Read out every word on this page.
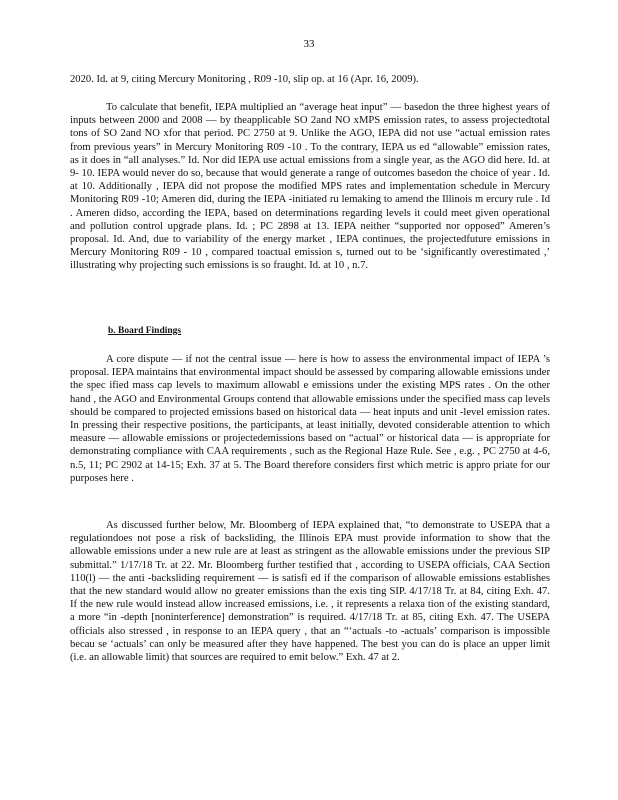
33

2020. Id. at 9, citing Mercury Monitoring , R09 -10, slip op. at 16 (Apr. 16, 2009).

To calculate that benefit, IEPA multiplied an “average heat input” — basedon the three highest years of inputs between 2000 and 2008 — by theapplicable SO 2and NO xMPS emission rates, to assess projectedtotal tons of SO 2and NO xfor that period. PC 2750 at 9. Unlike the AGO, IEPA did not use “actual emission rates from previous years” in Mercury Monitoring R09 -10 . To the contrary, IEPA us ed “allowable” emission rates, as it does in “all analyses.” Id. Nor did IEPA use actual emissions from a single year, as the AGO did here. Id. at 9- 10. IEPA would never do so, because that would generate a range of outcomes basedon the choice of year . Id. at 10. Additionally , IEPA did not propose the modified MPS rates and implementation schedule in Mercury Monitoring R09 -10; Ameren did, during the IEPA -initiated ru lemaking to amend the Illinois m ercury rule . Id . Ameren didso, according the IEPA, based on determinations regarding levels it could meet given operational and pollution control upgrade plans. Id. ; PC 2898 at 13. IEPA neither “supported nor opposed” Ameren’s proposal. Id. And, due to variability of the energy market , IEPA continues, the projectedfuture emissions in Mercury Monitoring R09 - 10 , compared toactual emission s, turned out to be ‘significantly overestimated ,’ illustrating why projecting such emissions is so fraught. Id. at 10 , n.7.

b. Board Findings

A core dispute — if not the central issue — here is how to assess the environmental impact of IEPA ’s proposal. IEPA maintains that environmental impact should be assessed by comparing allowable emissions under the spec ified mass cap levels to maximum allowabl e emissions under the existing MPS rates . On the other hand , the AGO and Environmental Groups contend that allowable emissions under the specified mass cap levels should be compared to projected emissions based on historical data — heat inputs and unit -level emission rates. In pressing their respective positions, the participants, at least initially, devoted considerable attention to which measure — allowable emissions or projectedemissions based on “actual” or historical data — is appropriate for demonstrating compliance with CAA requirements , such as the Regional Haze Rule. See , e.g. , PC 2750 at 4-6, n.5, 11; PC 2902 at 14-15; Exh. 37 at 5. The Board therefore considers first which metric is appro priate for our purposes here .

As discussed further below, Mr. Bloomberg of IEPA explained that, “to demonstrate to USEPA that a regulationdoes not pose a risk of backsliding, the Illinois EPA must provide information to show that the allowable emissions under a new rule are at least as stringent as the allowable emissions under the previous SIP submittal.” 1/17/18 Tr. at 22. Mr. Bloomberg further testified that , according to USEPA officials, CAA Section 110(l) — the anti -backsliding requirement — is satisfi ed if the comparison of allowable emissions establishes that the new standard would allow no greater emissions than the exis ting SIP. 4/17/18 Tr. at 84, citing Exh. 47. If the new rule would instead allow increased emissions, i.e. , it represents a relaxa tion of the existing standard, a more “in -depth [noninterference] demonstration” is required. 4/17/18 Tr. at 85, citing Exh. 47. The USEPA officials also stressed , in response to an IEPA query , that an “‘actuals -to -actuals’ comparison is impossible becau se ‘actuals’ can only be measured after they have happened. The best you can do is place an upper limit (i.e. an allowable limit) that sources are required to emit below.” Exh. 47 at 2.
